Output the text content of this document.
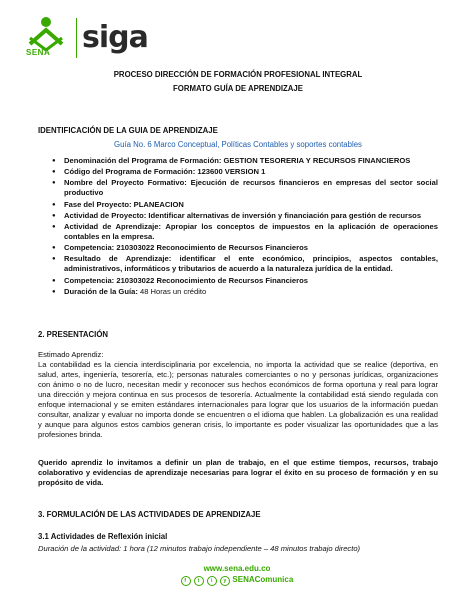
SENA siga

PROCESO DIRECCIÓN DE FORMACIÓN PROFESIONAL INTEGRAL

FORMATO GUÍA DE APRENDIZAJE

IDENTIFICACIÓN DE LA GUIA DE APRENDIZAJE
Guía No. 6 Marco Conceptual, Políticas Contables y soportes contables
● Denominación del Programa de Formación: GESTION TESORERIA Y RECURSOS FINANCIEROS
● Código del Programa de Formación: 123600 VERSION 1
● Nombre del Proyecto Formativo: Ejecución de recursos financieros en empresas del sector social productivo
● Fase del Proyecto: PLANEACION
● Actividad de Proyecto: Identificar alternativas de inversión y financiación para gestión de recursos
● Actividad de Aprendizaje: Apropiar los conceptos de impuestos en la aplicación de operaciones contables en la empresa.
● Competencia: 210303022 Reconocimiento de Recursos Financieros
● Resultado de Aprendizaje: identificar el ente económico, principios, aspectos contables, administrativos, informáticos y tributarios de acuerdo a la naturaleza jurídica de la entidad.
● Competencia: 210303022 Reconocimiento de Recursos Financieros
● Duración de la Guía: 48 Horas un crédito
2. PRESENTACIÓN
Estimado Aprendiz:
La contabilidad es la ciencia interdisciplinaria por excelencia, no importa la actividad que se realice (deportiva, en salud, artes, ingeniería, tesorería, etc.); personas naturales comerciantes o no y personas jurídicas, organizaciones con ánimo o no de lucro, necesitan medir y reconocer sus hechos económicos de forma oportuna y real para lograr una dirección y mejora continua en sus procesos de tesorería. Actualmente la contabilidad está siendo regulada con enfoque internacional y se emiten estándares internacionales para lograr que los usuarios de la información puedan consultar, analizar y evaluar no importa donde se encuentren o el idioma que hablen. La globalización es una realidad y aunque para algunos estos cambios generan crisis, lo importante es poder visualizar las oportunidades que a las profesiones brinda.
Querido aprendiz lo invitamos a definir un plan de trabajo, en el que estime tiempos, recursos, trabajo colaborativo y evidencias de aprendizaje necesarias para lograr el éxito en su proceso de formación y en su propósito de vida.
3. FORMULACIÓN DE LAS ACTIVIDADES DE APRENDIZAJE
3.1 Actividades de Reflexión inicial
Duración de la actividad: 1 hora (12 minutos trabajo independiente – 48 minutos trabajo directo)
www.sena.edu.co
f t i y SENAComunica
